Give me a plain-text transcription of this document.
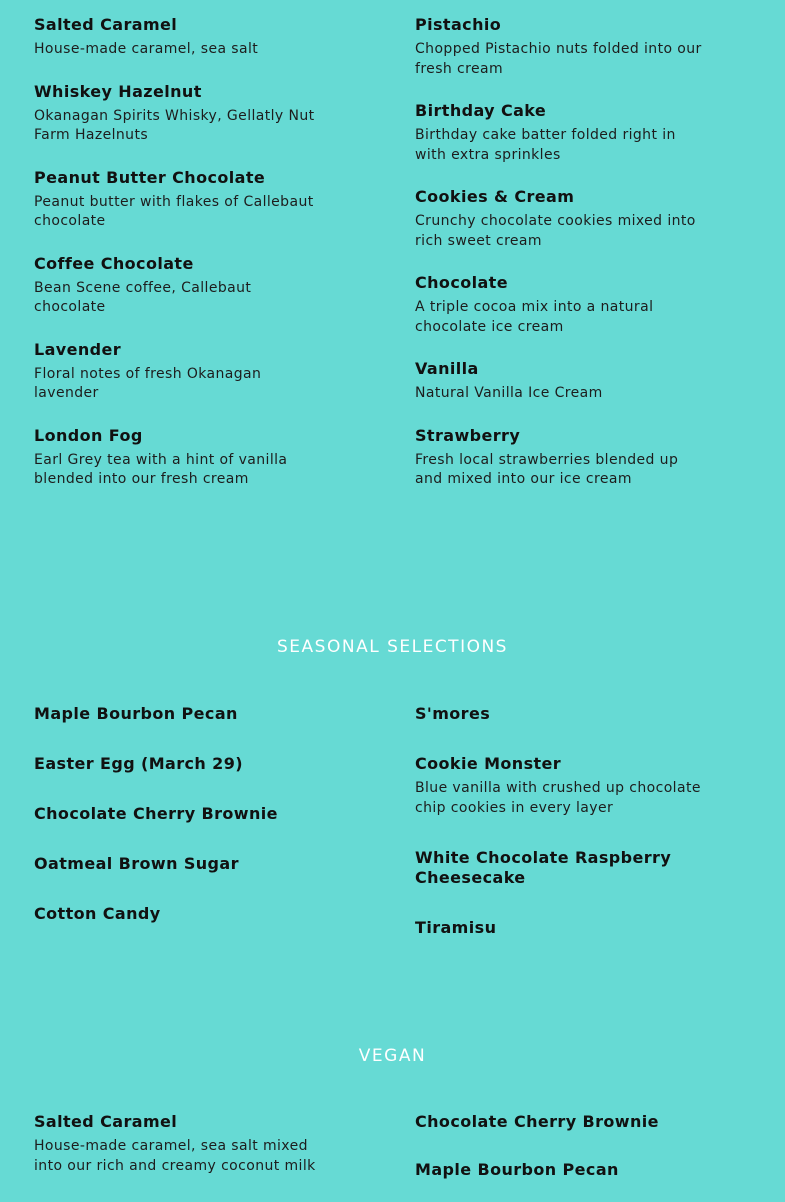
Salted Caramel

House-made caramel, sea salt

Whiskey Hazelnut

Okanagan Spirits Whisky, Gellatly Nut Farm Hazelnuts

Peanut Butter Chocolate

Peanut butter with flakes of Callebaut chocolate

Coffee Chocolate

Bean Scene coffee, Callebaut chocolate

Lavender

Floral notes of fresh Okanagan lavender

London Fog

Earl Grey tea with a hint of vanilla blended into our fresh cream

Pistachio

Chopped Pistachio nuts folded into our fresh cream

Birthday Cake

Birthday cake batter folded right in with extra sprinkles

Cookies & Cream

Crunchy chocolate cookies mixed into rich sweet cream

Chocolate

A triple cocoa mix into a natural chocolate ice cream

Vanilla

Natural Vanilla Ice Cream

Strawberry

Fresh local strawberries blended up and mixed into our ice cream

SEASONAL SELECTIONS

Maple Bourbon Pecan

Easter Egg (March 29)

Chocolate Cherry Brownie

Oatmeal Brown Sugar

Cotton Candy

S'mores

Cookie Monster

Blue vanilla with crushed up chocolate chip cookies in every layer

White Chocolate Raspberry Cheesecake

Tiramisu

VEGAN

Salted Caramel

House-made caramel, sea salt mixed into our rich and creamy coconut milk

Chocolate Cherry Brownie

Maple Bourbon Pecan
